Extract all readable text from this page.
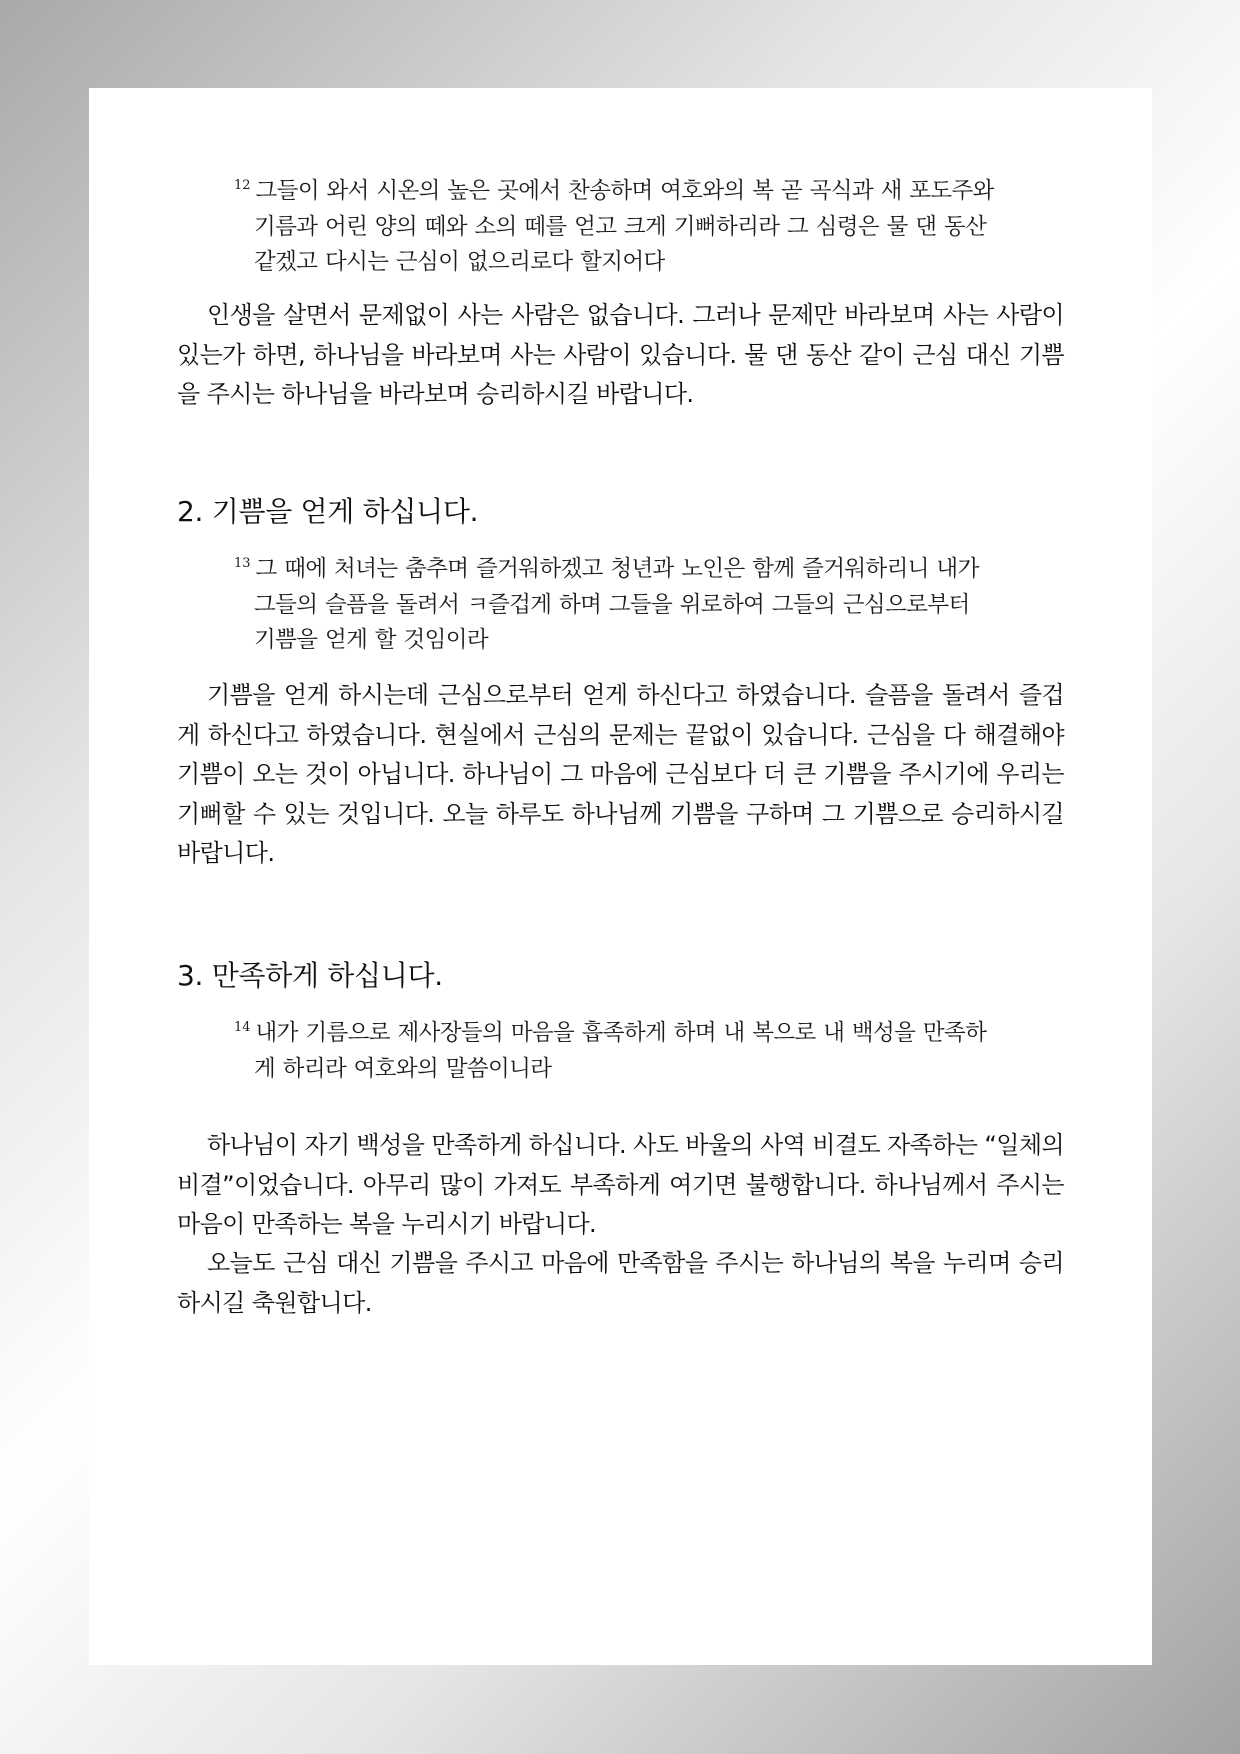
$^{12}$ 그들이 와서 시온의 높은 곳에서 찬송하며 여호와의 복 곧 곡식과 새 포도주와 기름과 어린 양의 떼와 소의 떼를 얻고 크게 기뻐하리라 그 심령은 물 댄 동산 같겠고 다시는 근심이 없으리로다 할지어다

인생을 살면서 문제없이 사는 사람은 없습니다. 그러나 문제만 바라보며 사는 사람이 있는가 하면, 하나님을 바라보며 사는 사람이 있습니다. 물 댄 동산 같이 근심 대신 기쁨을 주시는 하나님을 바라보며 승리하시길 바랍니다.

2. 기쁨을 얻게 하십니다.

$^{13}$ 그 때에 처녀는 춤추며 즐거워하겠고 청년과 노인은 함께 즐거워하리니 내가 그들의 슬픔을 돌려서 ㅋ즐겁게 하며 그들을 위로하여 그들의 근심으로부터 기쁨을 얻게 할 것임이라

기쁨을 얻게 하시는데 근심으로부터 얻게 하신다고 하였습니다. 슬픔을 돌려서 즐겁게 하신다고 하였습니다. 현실에서 근심의 문제는 끝없이 있습니다. 근심을 다 해결해야 기쁨이 오는 것이 아닙니다. 하나님이 그 마음에 근심보다 더 큰 기쁨을 주시기에 우리는 기뻐할 수 있는 것입니다. 오늘 하루도 하나님께 기쁨을 구하며 그 기쁨으로 승리하시길 바랍니다.

3. 만족하게 하십니다.

$^{14}$ 내가 기름으로 제사장들의 마음을 흡족하게 하며 내 복으로 내 백성을 만족하게 하리라 여호와의 말씀이니라

하나님이 자기 백성을 만족하게 하십니다. 사도 바울의 사역 비결도 자족하는 “일체의 비결”이었습니다. 아무리 많이 가져도 부족하게 여기면 불행합니다. 하나님께서 주시는 마음이 만족하는 복을 누리시기 바랍니다.

오늘도 근심 대신 기쁨을 주시고 마음에 만족함을 주시는 하나님의 복을 누리며 승리하시길 축원합니다.
